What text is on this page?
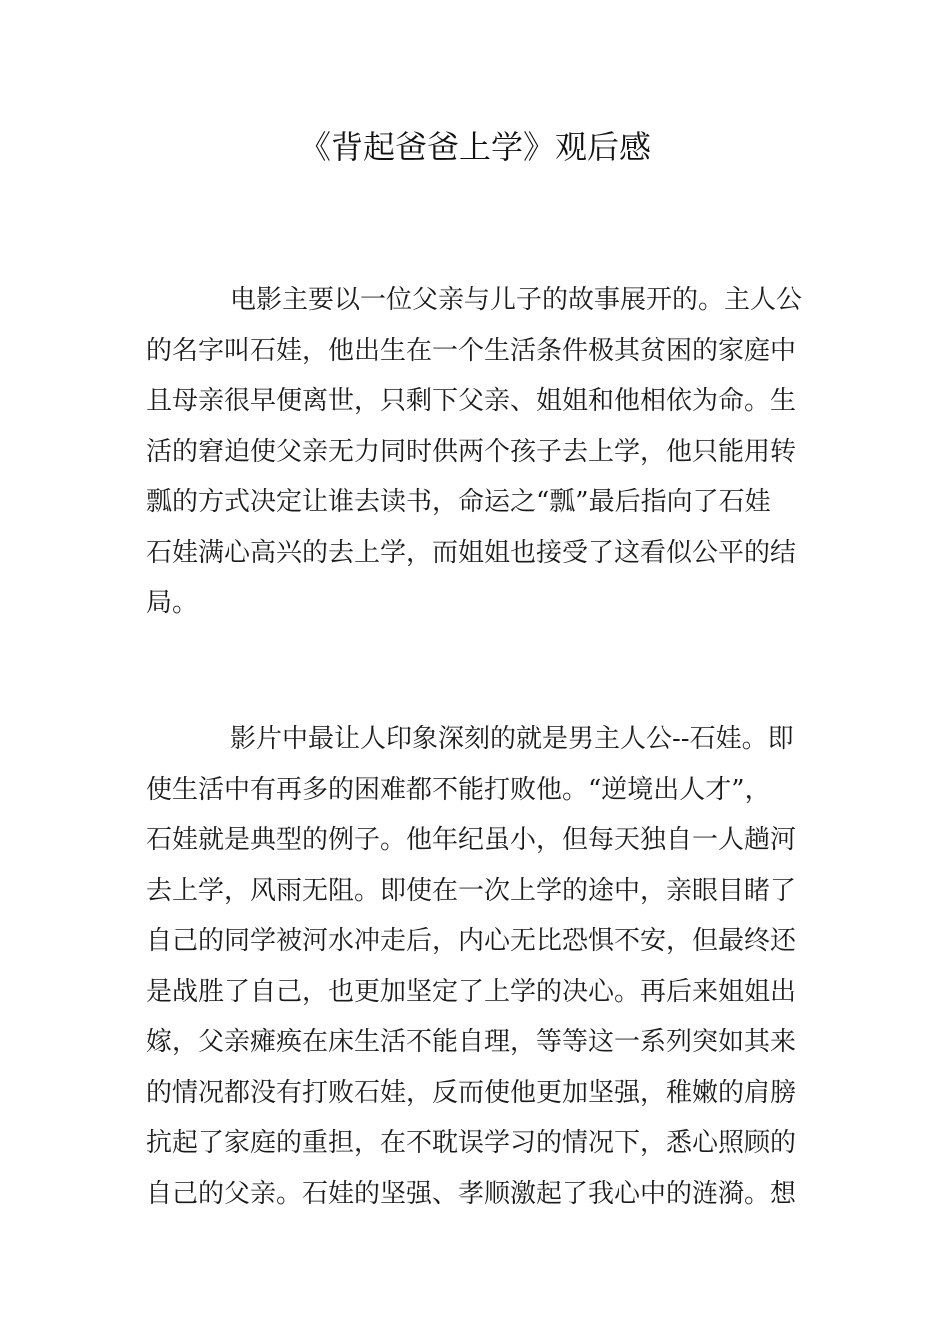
《背起爸爸上学》观后感
电影主要以一位父亲与儿子的故事展开的。主人公
的名字叫石娃，他出生在一个生活条件极其贫困的家庭中
且母亲很早便离世，只剩下父亲、姐姐和他相依为命。生
活的窘迫使父亲无力同时供两个孩子去上学，他只能用转
瓢的方式决定让谁去读书，命运之“瓢”最后指向了石娃
石娃满心高兴的去上学，而姐姐也接受了这看似公平的结
局。
影片中最让人印象深刻的就是男主人公--石娃。即
使生活中有再多的困难都不能打败他。“逆境出人才”，
石娃就是典型的例子。他年纪虽小，但每天独自一人趟河
去上学，风雨无阻。即使在一次上学的途中，亲眼目睹了
自己的同学被河水冲走后，内心无比恐惧不安，但最终还
是战胜了自己，也更加坚定了上学的决心。再后来姐姐出
嫁，父亲瘫痪在床生活不能自理，等等这一系列突如其来
的情况都没有打败石娃，反而使他更加坚强，稚嫩的肩膀
抗起了家庭的重担，在不耽误学习的情况下，悉心照顾的
自己的父亲。石娃的坚强、孝顺激起了我心中的涟漪。想
